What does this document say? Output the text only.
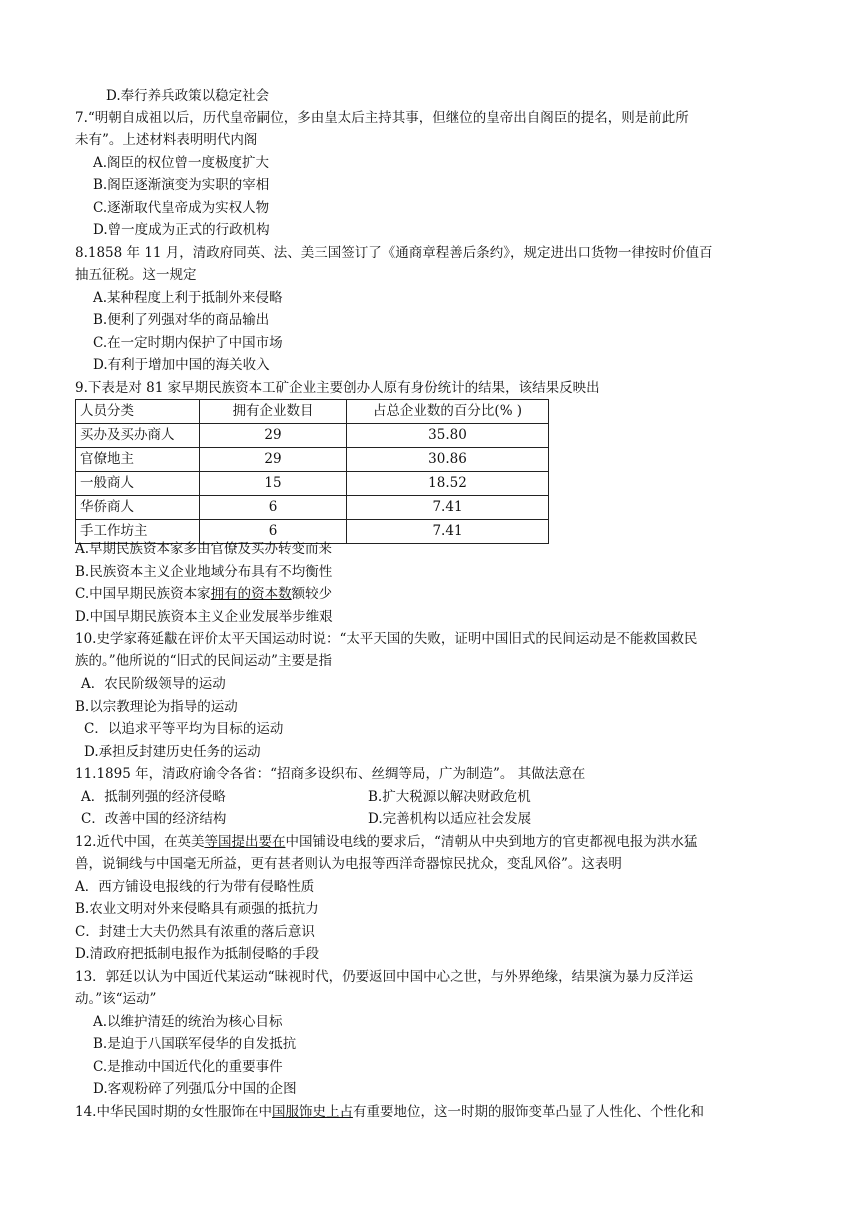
D.奉行养兵政策以稳定社会
7.“明朝自成祖以后，历代皇帝嗣位，多由皇太后主持其事，但继位的皇帝出自阁臣的提名，则是前此所
未有”。上述材料表明明代内阁
A.阁臣的权位曾一度极度扩大
B.阁臣逐渐演变为实职的宰相
C.逐渐取代皇帝成为实权人物
D.曾一度成为正式的行政机构
8.1858 年 11 月，清政府同英、法、美三国签订了《通商章程善后条约》，规定进出口货物一律按时价值百
抽五征税。这一规定
A.某种程度上利于抵制外来侵略
B.便利了列强对华的商品输出
C.在一定时期内保护了中国市场
D.有利于增加中国的海关收入
9.下表是对 81 家早期民族资本工矿企业主要创办人原有身份统计的结果，该结果反映出
人员分类	拥有企业数目	占总企业数的百分比(% )
买办及买办商人	29	35.80
官僚地主	29	30.86
一般商人	15	18.52
华侨商人	6	7.41
手工作坊主	6	7.41
A.早期民族资本家多由官僚及买办转变而来
B.民族资本主义企业地域分布具有不均衡性
C.中国早期民族资本家拥有的资本数额较少
D.中国早期民族资本主义企业发展举步维艰
10.史学家蒋延黻在评价太平天国运动时说：“太平天国的失败，证明中国旧式的民间运动是不能救国救民
族的。”他所说的“旧式的民间运动”主要是指
A．农民阶级领导的运动
B.以宗教理论为指导的运动
C．以追求平等平均为目标的运动
D.承担反封建历史任务的运动
11.1895 年，清政府谕令各省：“招商多设织布、丝绸等局，广为制造”。 其做法意在
A．抵制列强的经济侵略	B.扩大税源以解决财政危机
C．改善中国的经济结构	D.完善机构以适应社会发展
12.近代中国，在英美等国提出要在中国铺设电线的要求后，“清朝从中央到地方的官吏都视电报为洪水猛
兽，说铜线与中国毫无所益，更有甚者则认为电报等西洋奇器惊民扰众，变乱风俗”。这表明
A．西方铺设电报线的行为带有侵略性质
B.农业文明对外来侵略具有顽强的抵抗力
C．封建士大夫仍然具有浓重的落后意识
D.清政府把抵制电报作为抵制侵略的手段
13．郭廷以认为中国近代某运动“昧视时代，仍要返回中国中心之世，与外界绝缘，结果演为暴力反洋运
动。”该“运动”
A.以维护清廷的统治为核心目标
B.是迫于八国联军侵华的自发抵抗
C.是推动中国近代化的重要事件
D.客观粉碎了列强瓜分中国的企图
14.中华民国时期的女性服饰在中国服饰史上占有重要地位，这一时期的服饰变革凸显了人性化、个性化和
